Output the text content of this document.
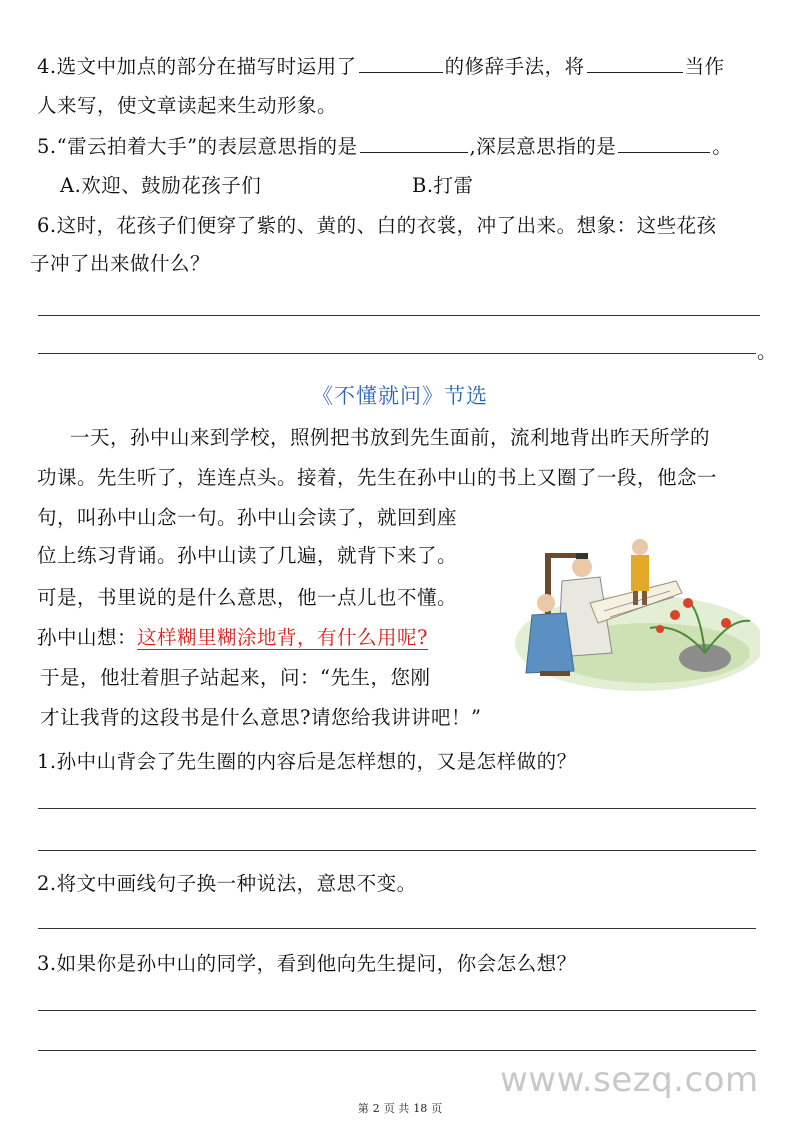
4.选文中加点的部分在描写时运用了	的修辞手法，将	当作
人来写，使文章读起来生动形象。
5.“雷云拍着大手”的表层意思指的是	,深层意思指的是	。
A.欢迎、鼓励花孩子们	B.打雷
6.这时，花孩子们便穿了紫的、黄的、白的衣裳，冲了出来。想象：这些花孩
子冲了出来做什么？
。
《不懂就问》节选
一天，孙中山来到学校，照例把书放到先生面前，流利地背出昨天所学的
功课。先生听了，连连点头。接着，先生在孙中山的书上又圈了一段，他念一
句，叫孙中山念一句。孙中山会读了，就回到座
位上练习背诵。孙中山读了几遍，就背下来了。
可是，书里说的是什么意思，他一点儿也不懂。
孙中山想：这样糊里糊涂地背，有什么用呢?
于是，他壮着胆子站起来，问：“先生，您刚
才让我背的这段书是什么意思?请您给我讲讲吧！”
1.孙中山背会了先生圈的内容后是怎样想的，又是怎样做的？
2.将文中画线句子换一种说法，意思不变。
3.如果你是孙中山的同学，看到他向先生提问，你会怎么想？
www.sezq.com
第 2 页 共 18 页
